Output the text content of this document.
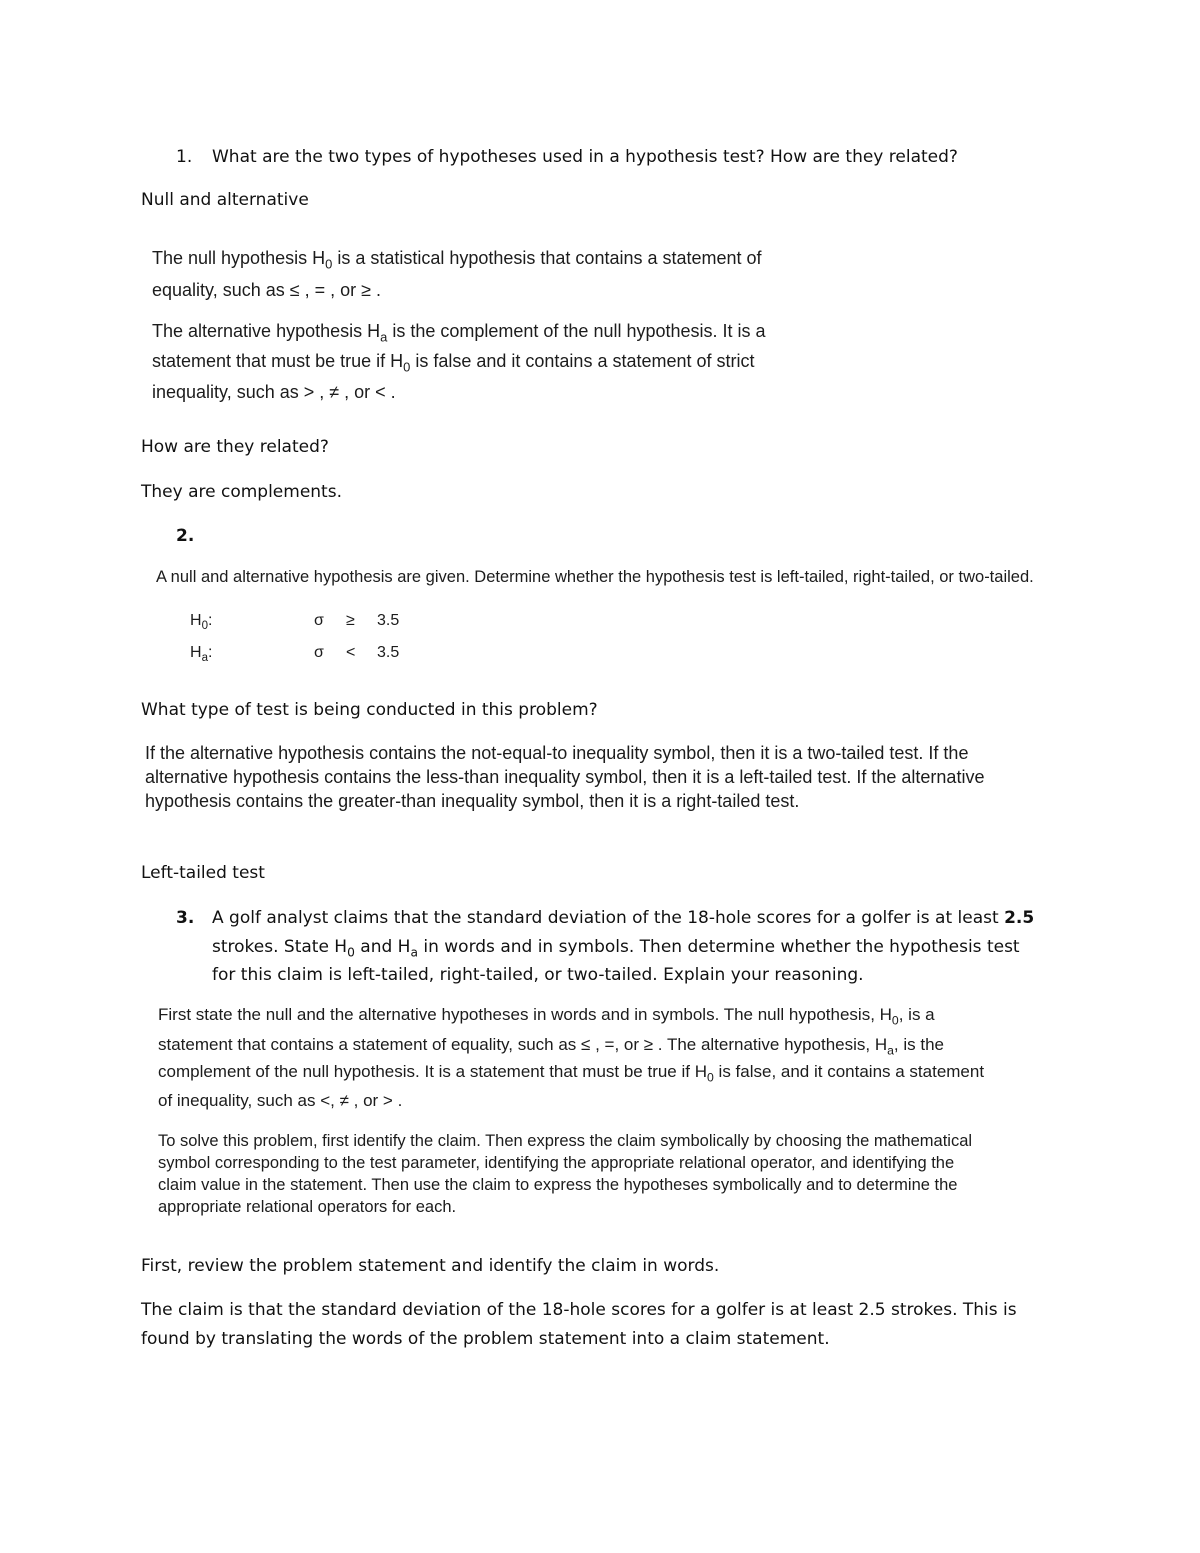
1. What are the two types of hypotheses used in a hypothesis test? How are they related?
Null and alternative
The null hypothesis $H_0$ is a statistical hypothesis that contains a statement of
equality, such as ≤ , = , or ≥ .
The alternative hypothesis $H_a$ is the complement of the null hypothesis. It is a
statement that must be true if $H_0$ is false and it contains a statement of strict
inequality, such as > , ≠ , or < .
How are they related?
They are complements.
2.
A null and alternative hypothesis are given. Determine whether the hypothesis test is left-tailed, right-tailed, or two-tailed.
$H_0$:	σ ≥ 3.5
$H_a$:	σ < 3.5
What type of test is being conducted in this problem?
If the alternative hypothesis contains the not-equal-to inequality symbol, then it is a two-tailed test. If the
alternative hypothesis contains the less-than inequality symbol, then it is a left-tailed test. If the alternative
hypothesis contains the greater-than inequality symbol, then it is a right-tailed test.
Left-tailed test
3. A golf analyst claims that the standard deviation of the 18-hole scores for a golfer is at least 2.5
strokes. State $H_0$ and $H_a$ in words and in symbols. Then determine whether the hypothesis test
for this claim is left-tailed, right-tailed, or two-tailed. Explain your reasoning.
First state the null and the alternative hypotheses in words and in symbols. The null hypothesis, $H_0$, is a
statement that contains a statement of equality, such as ≤ , =, or ≥ . The alternative hypothesis, $H_a$, is the
complement of the null hypothesis. It is a statement that must be true if $H_0$ is false, and it contains a statement
of inequality, such as <, ≠ , or > .
To solve this problem, first identify the claim. Then express the claim symbolically by choosing the mathematical
symbol corresponding to the test parameter, identifying the appropriate relational operator, and identifying the
claim value in the statement. Then use the claim to express the hypotheses symbolically and to determine the
appropriate relational operators for each.
First, review the problem statement and identify the claim in words.
The claim is that the standard deviation of the 18-hole scores for a golfer is at least 2.5 strokes. This is
found by translating the words of the problem statement into a claim statement.
